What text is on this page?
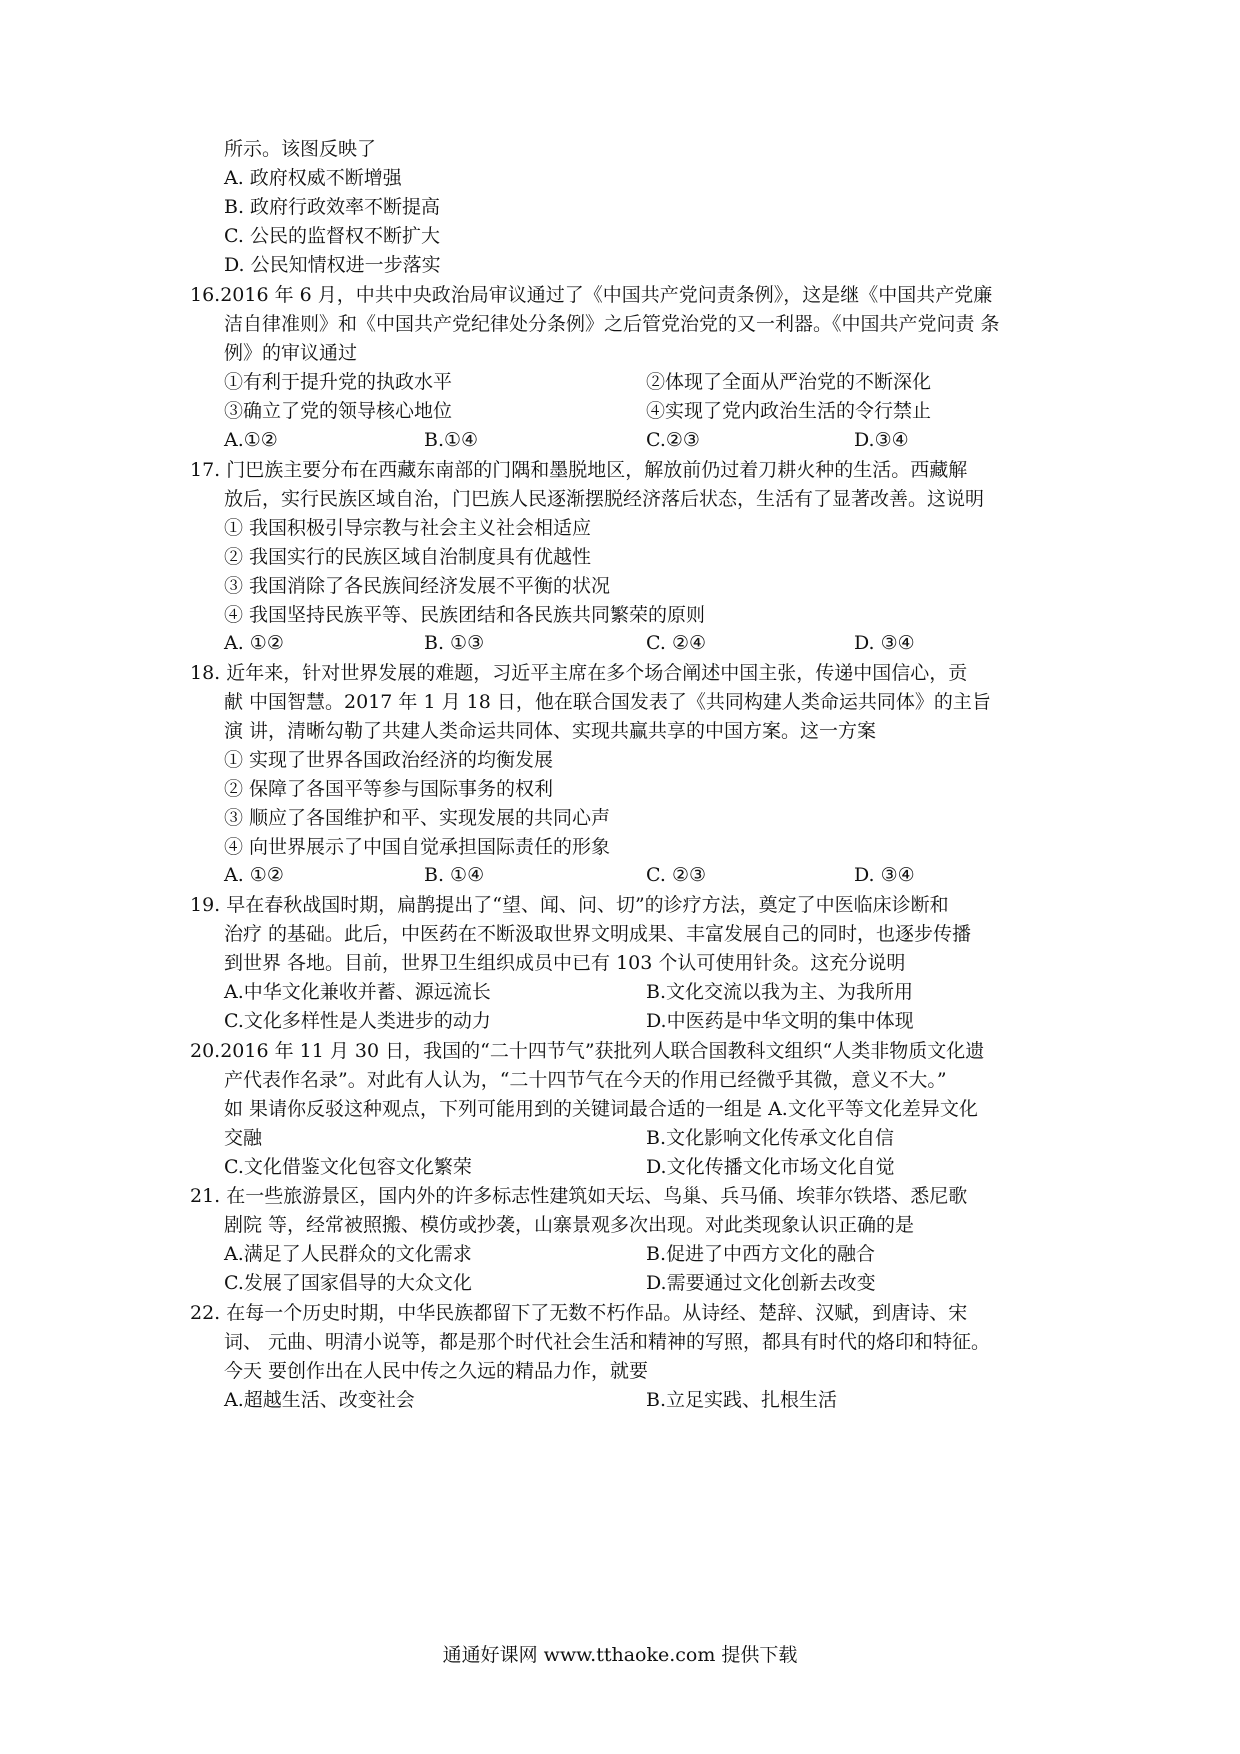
所示。该图反映了
A. 政府权威不断增强
B. 政府行政效率不断提高
C. 公民的监督权不断扩大
D. 公民知情权进一步落实
16.2016 年 6 月，中共中央政治局审议通过了《中国共产党问责条例》，这是继《中国共产党廉
洁自律准则》和《中国共产党纪律处分条例》之后管党治党的又一利器。《中国共产党问责 条
例》的审议通过
①有利于提升党的执政水平	②体现了全面从严治党的不断深化
③确立了党的领导核心地位	④实现了党内政治生活的令行禁止
A.①②	B.①④	C.②③	D.③④
17. 门巴族主要分布在西藏东南部的门隅和墨脱地区，解放前仍过着刀耕火种的生活。西藏解
放后，实行民族区域自治，门巴族人民逐渐摆脱经济落后状态，生活有了显著改善。这说明
① 我国积极引导宗教与社会主义社会相适应
② 我国实行的民族区域自治制度具有优越性
③ 我国消除了各民族间经济发展不平衡的状况
④ 我国坚持民族平等、民族团结和各民族共同繁荣的原则
A. ①②	B. ①③	C. ②④	D. ③④
18. 近年来，针对世界发展的难题，习近平主席在多个场合阐述中国主张，传递中国信心，贡
献 中国智慧。2017 年 1 月 18 日，他在联合国发表了《共同构建人类命运共同体》的主旨
演 讲，清晰勾勒了共建人类命运共同体、实现共赢共享的中国方案。这一方案
① 实现了世界各国政治经济的均衡发展
② 保障了各国平等参与国际事务的权利
③ 顺应了各国维护和平、实现发展的共同心声
④ 向世界展示了中国自觉承担国际责任的形象
A. ①②	B. ①④	C. ②③	D. ③④
19. 早在春秋战国时期，扁鹊提出了“望、闻、问、切”的诊疗方法，奠定了中医临床诊断和
治疗 的基础。此后，中医药在不断汲取世界文明成果、丰富发展自己的同时，也逐步传播
到世界 各地。目前，世界卫生组织成员中已有 103 个认可使用针灸。这充分说明
A.中华文化兼收并蓄、源远流长	B.文化交流以我为主、为我所用
C.文化多样性是人类进步的动力	D.中医药是中华文明的集中体现
20.2016 年 11 月 30 日，我国的“二十四节气”获批列人联合国教科文组织“人类非物质文化遗
产代表作名录”。对此有人认为，“二十四节气在今天的作用已经微乎其微，意义不大。”
如 果请你反驳这种观点，下列可能用到的关键词最合适的一组是 A.文化平等文化差异文化
交融	B.文化影响文化传承文化自信
C.文化借鉴文化包容文化繁荣	D.文化传播文化市场文化自觉
21. 在一些旅游景区，国内外的许多标志性建筑如天坛、鸟巢、兵马俑、埃菲尔铁塔、悉尼歌
剧院 等，经常被照搬、模仿或抄袭，山寨景观多次出现。对此类现象认识正确的是
A.满足了人民群众的文化需求	B.促进了中西方文化的融合
C.发展了国家倡导的大众文化	D.需要通过文化创新去改变
22. 在每一个历史时期，中华民族都留下了无数不朽作品。从诗经、楚辞、汉赋，到唐诗、宋
词、 元曲、明清小说等，都是那个时代社会生活和精神的写照，都具有时代的烙印和特征。
今天 要创作出在人民中传之久远的精品力作，就要
A.超越生活、改变社会	B.立足实践、扎根生活
通通好课网 www.tthaoke.com 提供下载
